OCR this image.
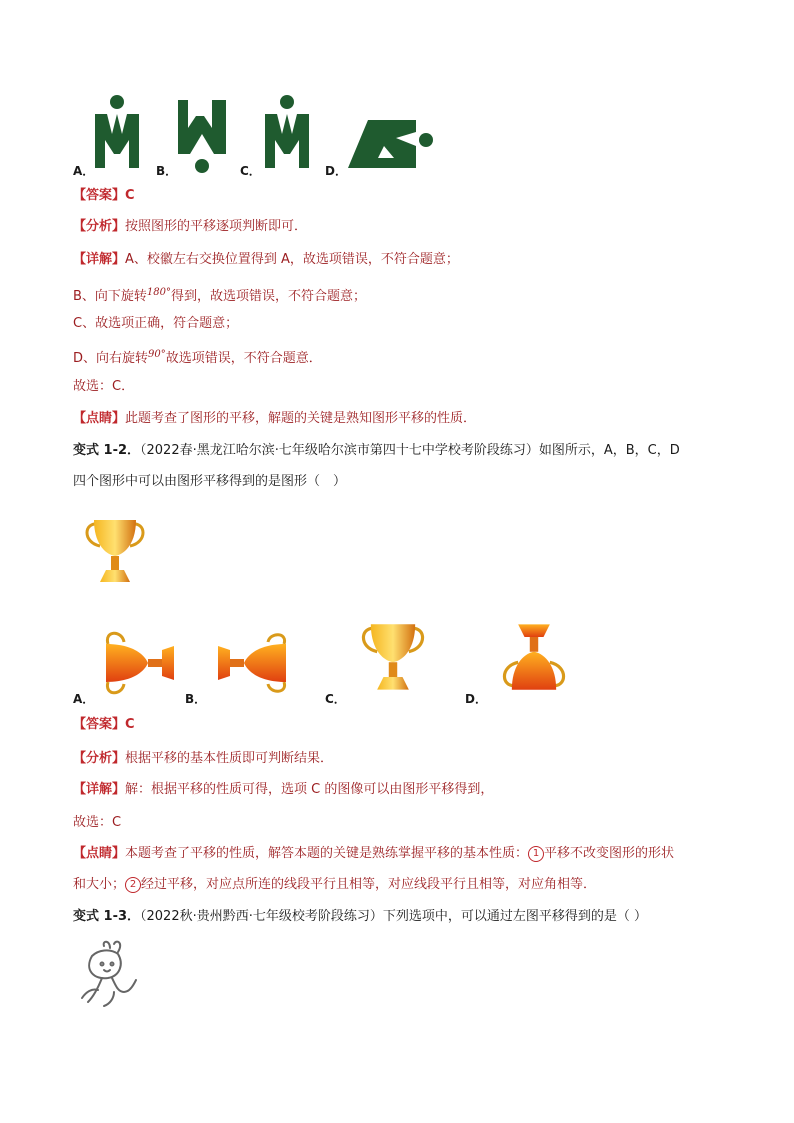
A．	B．	C．	D．
【答案】C
【分析】按照图形的平移逐项判断即可．
【详解】A、校徽左右交换位置得到 A，故选项错误，不符合题意；
B、向下旋转$^{180^\circ}$得到，故选项错误，不符合题意；
C、故选项正确，符合题意；
D、向右旋转$^{90^\circ}$故选项错误，不符合题意．
故选：C．
【点睛】此题考查了图形的平移，解题的关键是熟知图形平移的性质．
变式 1-2．（2022春·黑龙江哈尔滨·七年级哈尔滨市第四十七中学校考阶段练习）如图所示，A，B，C，D
四个图形中可以由图形平移得到的是图形（　）
A．	B．	C．	D．
【答案】C
【分析】根据平移的基本性质即可判断结果．
【详解】解：根据平移的性质可得，选项 C 的图像可以由图形平移得到，
故选：C
【点睛】本题考查了平移的性质，解答本题的关键是熟练掌握平移的基本性质： 1 平移不改变图形的形状
和大小； 2 经过平移，对应点所连的线段平行且相等，对应线段平行且相等，对应角相等．
变式 1-3．（2022秋·贵州黔西·七年级校考阶段练习）下列选项中，可以通过左图平移得到的是（ ）
